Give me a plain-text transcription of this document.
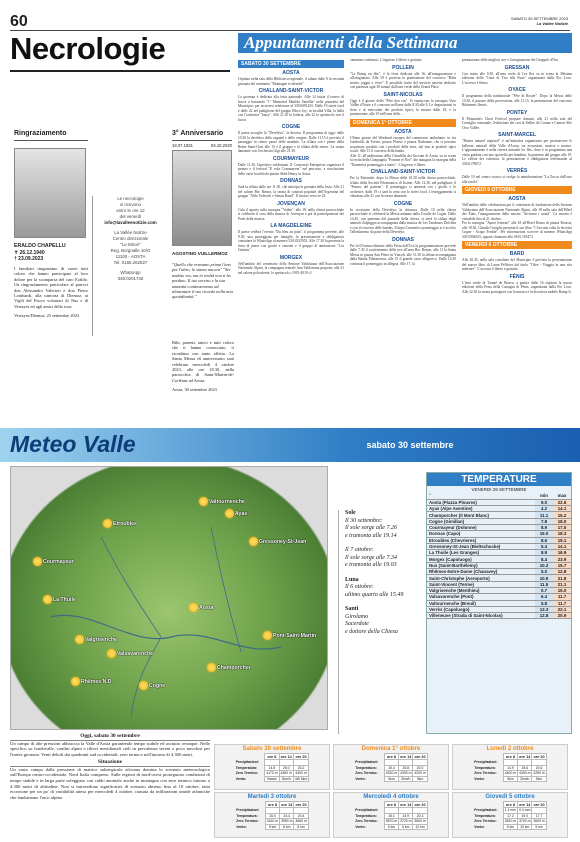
60	SABATO 30 SETTEMBRE 2023
La Vallée Notizie
Necrologie
Ringraziamento
ERALDO CHAPELLU
✝ 26.12.1940
† 23.09.2023
I familiari ringraziano di cuore tutti coloro che hanno partecipato al loro dolore per la scomparsa del caro Eraldo. Un ringraziamento particolare al parroci don Alessandro Valerioti e don Pietro Lombardi, alla cantoria di Diemoz, ai Vigili del Fuoco volontari di Nus e di Verrayes ed agli amici dello tour.
Verrayes/Diemoz, 25 settembre 2023
Le necrologie
si ricevono
entro le ore 12
del venerdì
info@lavalleenotizie.com
La Vallée Notizie
Centro direzionale
"Le Miroir"
Reg. Borgnalle 10/G
11100 - AOSTA
Tel. 0165.262527
WhatsApp
348.0201746
3° Anniversario
18.07.1931	04.10.2020
AGOSTINO VUILLERMOZ
"Quello che eravamo prima l'uno per l'altro, lo siamo ancora" "Sei andato via, ma in realtà non ti ho perduto. Il tuo sorriso e la tua umanità continueranno ad alimentare il tuo ricordo nella mia quotidianità."
Bibi, parenti, amici e tutti coloro che ti hanno conosciuto, ti ricordano con tanto affetto. La Santa Messa di anniversario sarà celebrata mercoledì 4 ottobre 2023, alle ore 18.30, nella parrocchia di Saint-Martin-de-Corléans ad Aosta.
Aosta, 30 settembre 2023
Appuntamenti della Settimana
SABATO 30 SETTEMBRE
AOSTA
Ospitato nella sala della Biblioteca regionale, il sabato dalle 9 la seconda giornata del seminario "Montagne et identité".
CHALLAND-SAINT-VICTOR
La giornata è dedicata alla festa patronale. Alle 14 inizia il torneo di bocce a baraonda "1° Memorial Matilda Vanellia" nella piazzetta del Municipio; per iscriversi telefonare al 339.6091435. Dalle 19 street food e dalle 22 nel padiglione del gruppo Bloco Joy, in località Villa, la balla con l'orchestra "Jazzy". Alle 21.30 la lotteria, alle 22 lo spettacolo con il fuoco.
COGNE
Il paese accoglie la "Devétéya", la discesa. Il programma di oggi: dalle 10.30 la devètéya della vaganté e delle vergine. Dalle 11.15 è previsto il passaggio in centro paese delle mandrie. La sfilata con i premi della Reine Saint-Ours alle 15 e il gruppo e la sfilata delle reines. La serata danzante con l'orchestra Gigi alle 21.30.
COURMAYEUR
Dalle 11.30, l'aperitivo valdostano. Il Consorzio Entreprises organizza il pranzo e il festival "E vola Courmayeur" nel percorso, a conclusione delle varie località da piazza Abbé Henry in Aosta.
DONNAS
Sarà la sfilata dalle ore 11.30, che anticipa la giornata della festa. Alle 21 nel salone Bec Renon, la serata di canzoni popolari dell'Argentina del gruppo "Aldo Tedeschi e Simon Rand". Il ritorno verso le 23.
JOVENÇAN
Cala il sipario sulla rassegna "Vatlen": alle 18, nella chiesa parrocchiale si celebrerà il coro della musica di Jovençan e poi la partecipazione dei Poeti della musica.
LA MAGDELEINE
Il paese celebra l'evento "Du bleu au pain", il programma prevede, alle 9.30, una passeggiata per famiglie, la presentazione e obbligatoria contattare lo WhatsApp al numero 338.4335952. Alle 17.30 la presenta la festa di paese con giochi e canzoni e il gruppo di animazione "Les Gamins".
MORGEX
Nell'ambito del centenario della Sezione Valdostana dell'Associazione Nazionale Alpini, la compagnia teatrale Ana Valdostana propone, alle 21 nel salone polivalente, lo spettacolo «1919-2019: il
cammino continua». L'ingresso è libero e gratuito.
POLLEIN
"La Bourg en fête", è la festa dedicata alle 16, all'inaugurazione e all'artigianato. Alle 18 è prevista la premiazione del concorso "Bâtir trotter, joggui e vivre". E possibile fruire del servizio navetta dedicato con partenza ogni 30 minuti dall'area verde della Grand Place.
SAINT-NICOLAS
Oggi è il giorno della "Féta dou vin". Si riuniscono la rassegna Vino Vallée d'Aoste e il concorso nell'area dalle 8.30 alle 9. Le degustazioni in fiera e al mercatino dei prodotti tipici; la mostra dalle 18, e la premiazione, alle 19 nell'area delle...
DOMENICA 1° OTTOBRE
AOSTA
Ultimo giorno del Weekend europeo del commercio ambulante: in via Garibaldi, da Torino, piazza Plouve e piazza Narbonne, che si possono acquistare prodotti con i prodotti della terra, dai vini ai prodotti tipici locali. Alle 15 il concerto della banda.
Alle 11, all'auditorium della Cittadella dei Giovani di Aosta, va in scena la recita della Compagnia "Pomme et Noe" che inaugura la rassegna della "Domenica pomeriggio a teatro". L'ingresso è libero.
CHALLAND-SAINT-VICTOR
Per la Patronale, dopo la Messa delle 10.30 nella chiesa parrocchiale, sfilata della Società Filarmonica di Issime. Alle 12.30, nel padiglione il "Pranzo del patrono". Il pomeriggio si animerà con i giochi e le orchestre, dalle 19 ci sarà la cena con lo street food. I festeggiamenti si chiudono alle 21 con la serata danzante.
COGNE
In occasione della Devetéya, la chiusura. Dalle 10 nella chiesa parrocchiale si celebrerà la Messa animata dalla Coralle de Cogne. Dalle 14.45, con partenza dal piazzale della chiesa, si terrà la sfilata degli animali d'alpeggio accompagnata dalla musica de Les Tambours Dolchen e con il concerto delle bandas. Il dopo Cesenatico pomeriggio si è accolto l'allestimento da parte della Devetéya.
DONNAS
Per la 67esima edizione della Festa dell'Uva la programmazione prevede dalle 7.30 il conferimento delle uve all'area Bec Renon, alle 11 la Santa Messa in piazza San Pietro in Vincoli, alle 11.30 la sfilata accompagnata dalla Banda Filarmonica, alle 15 il grande carro allegorico. Dalle 14.30 continua il pomeriggio in allegria. Alle 17, la
premiazione delle migliori uve e l'assegnazione dei Grappoli d'Oro.
GRESSAN
Con inizio alle 9.30, all'area verde di Les Iles va in scena la 38esima edizione della "Gara di Tiro alla Fune" organizzata dalla Pro Loco. L'accesso è libero.
OYACE
Il programma della tradizionale "Fête di Rosier". Dopo la Messa delle 10.30, il passare della processione, alle 11.15, la premiazione del concorso Bâtiments fleuris.
PONTEY
Il Mountain's Choir Festival propone domani, alle 21 nella sala del Consiglio comunale, l'esibizione dei cori la Valliec de Cornaz e Cantori Alte Orco Vallée.
SAINT-MARCEL
"Reiner naturel regional" è un'iniziativa organizzata per promuovere le bellezze naturali della Valle d'Aosta, tra escursioni, musica e mostre. L'appuntamento è nella riserva naturale les Iles, dove è in programma una visita guidata con uno sportello per bambini, la partenza dal gruppo alle 19. Le offerte dei volontari, la prenotazione è obbligatoria telefonando al 338.6178672.
VERRÈS
Dalle 10 nel centro storico si svolge la manifestazione "La Zucca dall'orto alla tavola".
GIOVEDÌ 5 OTTOBRE
AOSTA
Nell'ambito delle celebrazioni per il centenario di fondazione della Sezione Valdostana dell'Associazione Nazionale Alpini, alle 18 nella sala dell'Hôtel des États, l'inaugurazione della mostra "Arrivano i nostri". La mostra è visitabile fino al 21 ottobre.
Per la rassegna "Aperò letterari" alle 18 all'Hotel Roma di piazza Roncas, alle 18.30, Claudio Gariglio presenta il suo libro "C'era una volta la ferrovia Cogne - Acque Fredde". Per informazioni scrivere al numero WhatsApp 349.5904025, oppure chiamare allo 0165.185473.
VENERDÌ 6 OTTOBRE
BARD
Alle 20.45, nella sala consiliare del Municipio è prevista la presentazione del nuovo libro di Laura Pellicier dal titolo "Oltre - Viaggio in una vita interiore". L'accesso è libero e gratuito.
FÉNIS
L'area verde di Tzanté de Bouva, a partire dalle 16 ospiterà la nuova edizione della Festa della Castagna di Fénis, organizzata dalla Pro Loco. Alle 22.30 la serata proseguirà con la musica e la discoteca mobile Rump It.
Meteo Valle	sabato 30 settembre
Courmayeur
La Thuile
Valgrisenche
Rhêmes N.D.
Valsavarenche
Cogne
Aosta
Gressoney-St-Jean
Champorcher
Ayas
Etroubles
Valtournenche
Pont-Saint-Martin
Sole
Il 30 settembre:
Il sole sorge alle 7.26
e tramonta alle 19.14
Il 7 ottobre:
Il sole sorge alle 7.34
e tramonta alle 19.03
Luna
Il 6 ottobre:
ultimo quarto alle 15.49
Santi
Girolamo
Sacerdote
e dottore della Chiesa
TEMPERATURE
VENERDI 29 SETTEMBRE
°	min	max
Aosta (Piazza Plouves)	9.0	22.6
Ayas (Alpe Aventine)	4.2	14.1
Champorcher (Il Mont Blanc)	11.1	15.2
Cogne (Gimillan)	7.8	18.0
Courmayeur (Dolonne)	8.9	17.5
Donnas (Capo)	15.0	18.3
Etroubles (Chevrieres)	8.6	19.1
Gressoney-St-Jean (Bieltschocke)	5.4	14.1
La Thuile (Les Granges)	8.9	16.9
Morgex (Capoluogo)	8.4	23.9
Nus (Saint-Barthélemy)	10.2	15.7
Rhêmes-Notre-Dame (Chanavey)	5.0	12.8
Saint-Christophe (Aeroporto)	10.9	21.8
Saint-Vincent (Terme)	11.5	21.1
Valgrisenche (Menthieu)	0.7	15.0
Valsavarenche (Pont)	6.4	11.7
Valtournenche (Breuil)	5.8	11.7
Verrès (Capoluogo)	13.3	22.1
Villeneuve (Strada di Saint-Nicolas)	12.8	20.9
Oggi, sabato 30 settembre
Un campo di alte pressioni abbraccia la Valle d'Aosta garantendo tempo stabile ed asciutto ovunque. Nelle specifico su fondovalle, confini alpini e rilievi meridionali cieli in prevalenza sereni o poco nuvolosi per l'intera giornata. Venti deboli dai quadranti sud occidentali; zero termico nell'intorno di 4.300 metri.
Situazione
Un vasto campo dalla pressione di matrice subtropicale africana domina lo scenario meteorologico sull'Europa centro-occidentale. Nord Italia compreso. Sulle regioni di nord-ovest proseguono condizioni di tempo stabile e in larga parte soleggiato con caldo anomalo anche in montagna con zero termico intorno a 4.300 metri di altitudine. Non si intravedono significativi di scenario almeno fino al 10 ottobre, fatta eccezione per un po' di variabilità attesa per mercoledì 4 ottobre, causata da infiltrazioni umide atlantiche che lambiranno l'arco alpino.
Sabato 30 settembre
	ore 8	ore 14	ore 20
Precipitazioni:			
Temperatura:	14.5	25.0	20.2
Zero Termico:	4170 m	4360 m	4300 m
Vento:	Hstato	2km/h	4W 6km
Domenica 1° ottobre
	ore 8	ore 14	ore 20
Precipitazioni:			
Temperatura:	15.4	25.8	20.0
Zero Termico:	4320 m	4300 m	4200 m
Vento:	5km	2km/h	5km
Lunedì 2 ottobre
	ore 8	ore 14	ore 20
Precipitazioni:			
Temperatura:	14.9	25.6	20.6
Zero Termico:	4400 m	4350 m	4250 m
Vento:	5km	2km/h	5km
Martedì 3 ottobre
	ore 8	ore 14	ore 20
Precipitazioni:			
Temperatura:	15.0	24.4	20.4
Zero Termico:	4160 m	3950 m	3660 m
Vento:	9 km	8 km	8 km
Mercoledì 4 ottobre
	ore 8	ore 14	ore 20
Precipitazioni:			
Temperatura:	15.1	24.9	20.3
Zero Termico:	3870 m	3720 m	3600 m
Vento:	5 km	5 km	10 km
Giovedì 5 ottobre
	ore 8	ore 14	ore 20
Precipitazioni:	1.1 mm	0.4 mm	
Temperatura:	17.2	19.0	17.7
Zero Termico:	3810 m	3700 m	3600 m
Vento:	5 km	10 km	5 km
